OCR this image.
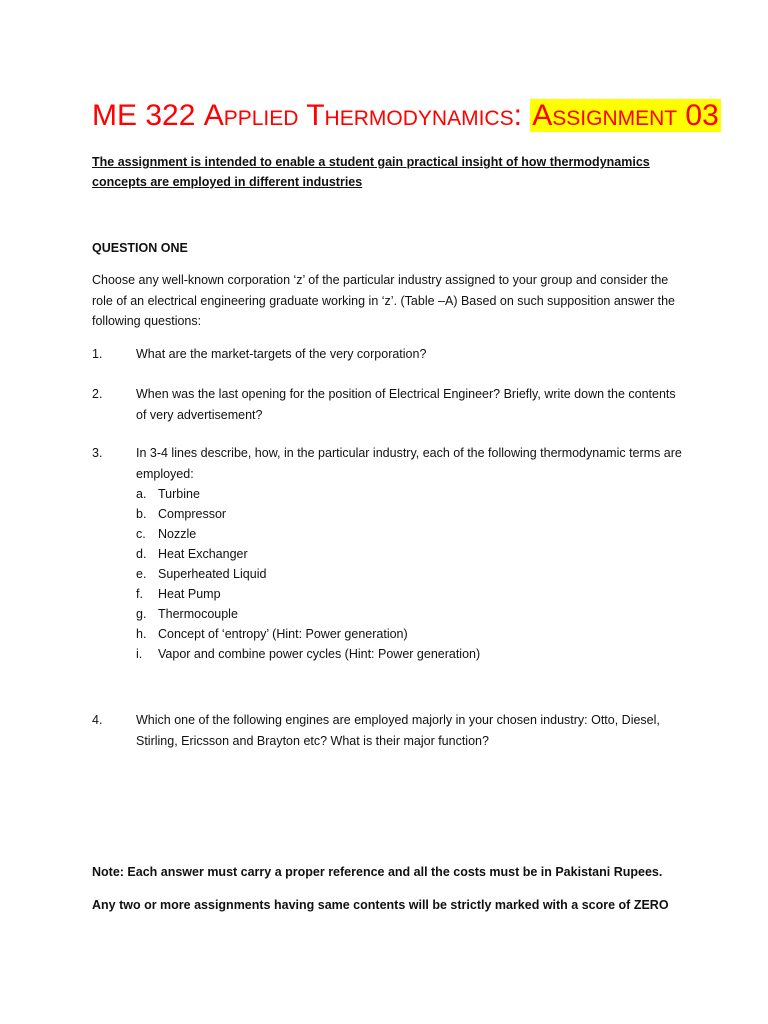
ME 322 Applied Thermodynamics: Assignment 03

The assignment is intended to enable a student gain practical insight of how thermodynamics concepts are employed in different industries

QUESTION ONE

Choose any well-known corporation ‘z’ of the particular industry assigned to your group and consider the role of an electrical engineering graduate working in ‘z’. (Table –A) Based on such supposition answer the following questions:

1.	What are the market-targets of the very corporation?

2.	When was the last opening for the position of Electrical Engineer? Briefly, write down the contents of very advertisement?

3.	In 3-4 lines describe, how, in the particular industry, each of the following thermodynamic terms are employed:

a. Turbine
b. Compressor
c. Nozzle
d. Heat Exchanger
e. Superheated Liquid
f.	Heat Pump
g. Thermocouple
h. Concept of ‘entropy’ (Hint: Power generation)
i.	Vapor and combine power cycles (Hint: Power generation)
4.	Which one of the following engines are employed majorly in your chosen industry: Otto, Diesel, Stirling, Ericsson and Brayton etc? What is their major function?

Note: Each answer must carry a proper reference and all the costs must be in Pakistani Rupees.

Any two or more assignments having same contents will be strictly marked with a score of ZERO
